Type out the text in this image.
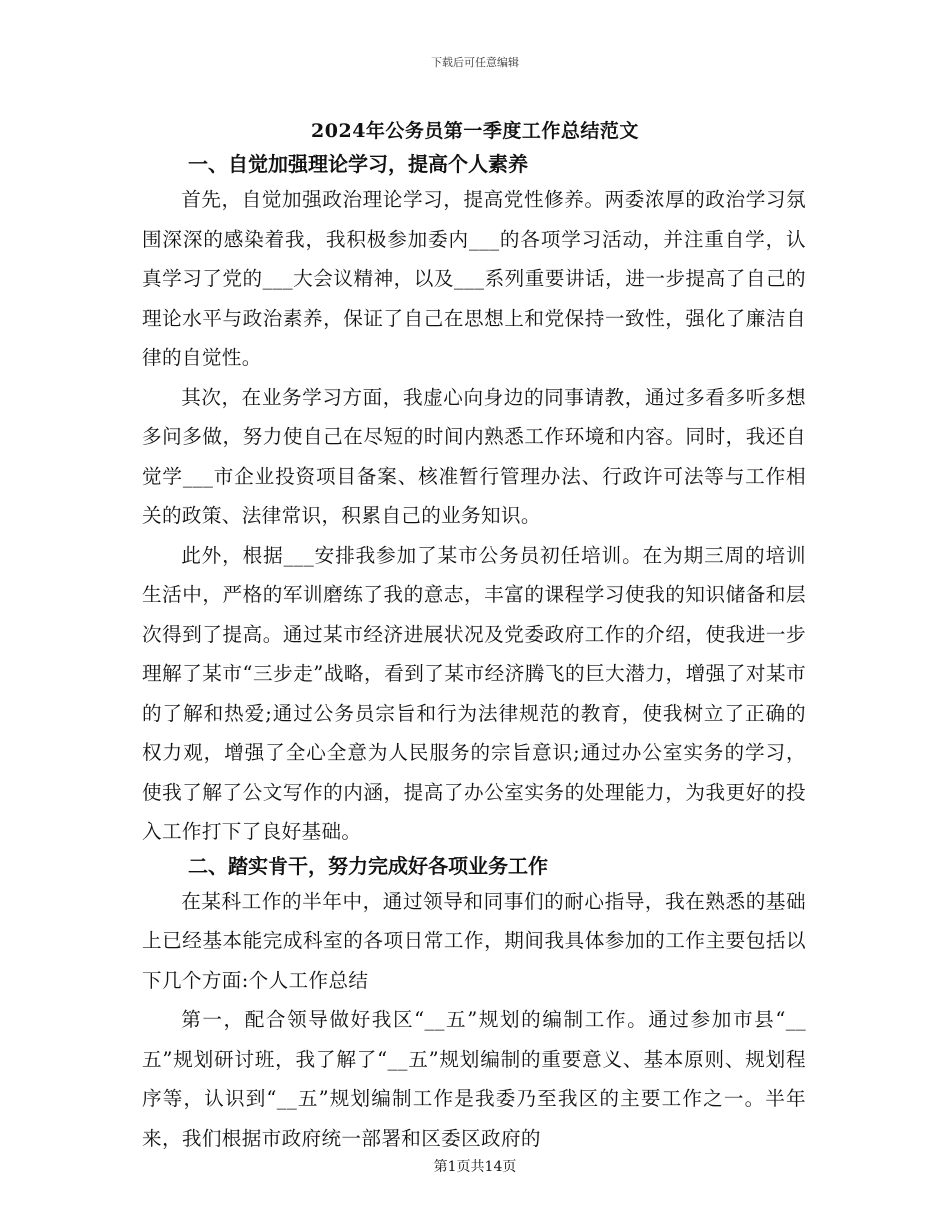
下载后可任意编辑
2024年公务员第一季度工作总结范文

一、自觉加强理论学习，提高个人素养

首先，自觉加强政治理论学习，提高党性修养。两委浓厚的政治学习氛围深深的感染着我，我积极参加委内___的各项学习活动，并注重自学，认真学习了党的___大会议精神，以及___系列重要讲话，进一步提高了自己的理论水平与政治素养，保证了自己在思想上和党保持一致性，强化了廉洁自律的自觉性。

其次，在业务学习方面，我虚心向身边的同事请教，通过多看多听多想多问多做，努力使自己在尽短的时间内熟悉工作环境和内容。同时，我还自觉学___市企业投资项目备案、核准暂行管理办法、行政许可法等与工作相关的政策、法律常识，积累自己的业务知识。

此外，根据___安排我参加了某市公务员初任培训。在为期三周的培训生活中，严格的军训磨练了我的意志，丰富的课程学习使我的知识储备和层次得到了提高。通过某市经济进展状况及党委政府工作的介绍，使我进一步理解了某市“三步走”战略，看到了某市经济腾飞的巨大潜力，增强了对某市的了解和热爱;通过公务员宗旨和行为法律规范的教育，使我树立了正确的权力观，增强了全心全意为人民服务的宗旨意识;通过办公室实务的学习，使我了解了公文写作的内涵，提高了办公室实务的处理能力，为我更好的投入工作打下了良好基础。

二、踏实肯干，努力完成好各项业务工作

在某科工作的半年中，通过领导和同事们的耐心指导，我在熟悉的基础上已经基本能完成科室的各项日常工作，期间我具体参加的工作主要包括以下几个方面:个人工作总结

第一，配合领导做好我区“__五”规划的编制工作。通过参加市县“__五”规划研讨班，我了解了“__五”规划编制的重要意义、基本原则、规划程序等，认识到“__五”规划编制工作是我委乃至我区的主要工作之一。半年来，我们根据市政府统一部署和区委区政府的

第1页共14页
